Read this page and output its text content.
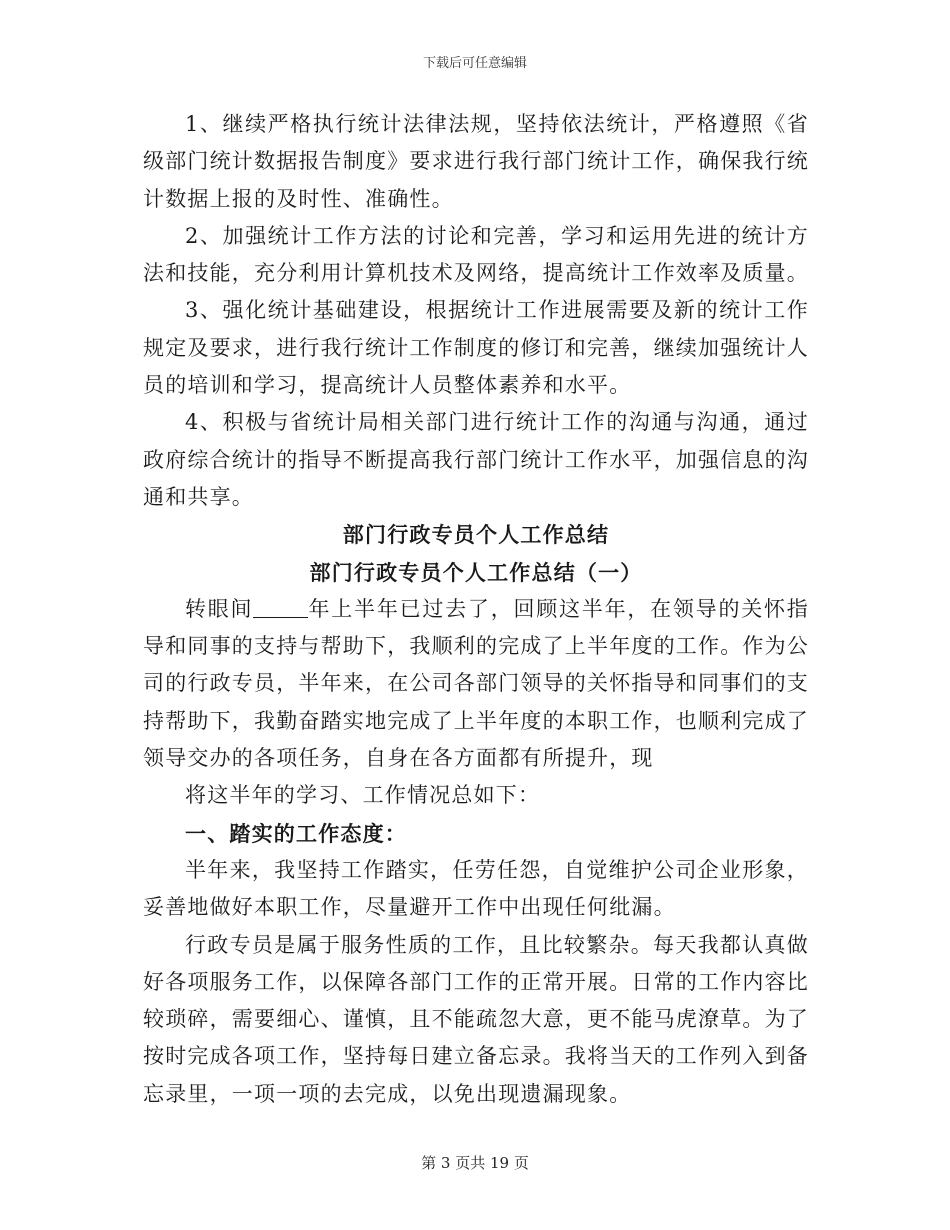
下载后可任意编辑

1、继续严格执行统计法律法规，坚持依法统计，严格遵照《省级部门统计数据报告制度》要求进行我行部门统计工作，确保我行统计数据上报的及时性、准确性。

2、加强统计工作方法的讨论和完善，学习和运用先进的统计方法和技能，充分利用计算机技术及网络，提高统计工作效率及质量。

3、强化统计基础建设，根据统计工作进展需要及新的统计工作规定及要求，进行我行统计工作制度的修订和完善，继续加强统计人员的培训和学习，提高统计人员整体素养和水平。

4、积极与省统计局相关部门进行统计工作的沟通与沟通，通过政府综合统计的指导不断提高我行部门统计工作水平，加强信息的沟通和共享。

部门行政专员个人工作总结
部门行政专员个人工作总结（一）

转眼间	年上半年已过去了，回顾这半年，在领导的关怀指导和同事的支持与帮助下，我顺利的完成了上半年度的工作。作为公司的行政专员，半年来，在公司各部门领导的关怀指导和同事们的支持帮助下，我勤奋踏实地完成了上半年度的本职工作，也顺利完成了领导交办的各项任务，自身在各方面都有所提升，现

将这半年的学习、工作情况总如下：

一、踏实的工作态度：

半年来，我坚持工作踏实，任劳任怨，自觉维护公司企业形象，妥善地做好本职工作，尽量避开工作中出现任何纰漏。

行政专员是属于服务性质的工作，且比较繁杂。每天我都认真做好各项服务工作，以保障各部门工作的正常开展。日常的工作内容比较琐碎，需要细心、谨慎，且不能疏忽大意，更不能马虎潦草。为了按时完成各项工作，坚持每日建立备忘录。我将当天的工作列入到备忘录里，一项一项的去完成，以免出现遗漏现象。

第 3 页共 19 页
